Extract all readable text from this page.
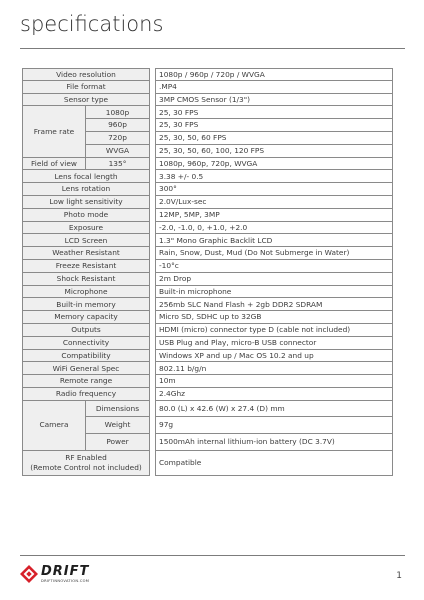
specifications
Video resolution			1080p / 960p / 720p / WVGA
File format			.MP4
Sensor type			3MP CMOS Sensor (1/3")
Frame rate	1080p		25, 30 FPS
	960p		25, 30 FPS
	720p		25, 30, 50, 60 FPS
	WVGA		25, 30, 50, 60, 100, 120 FPS
Field of view	135°		1080p, 960p, 720p, WVGA
Lens focal length			3.38 +/- 0.5
Lens rotation			300°
Low light sensitivity			2.0V/Lux-sec
Photo mode			12MP, 5MP, 3MP
Exposure			-2.0, -1.0, 0, +1.0, +2.0
LCD Screen			1.3" Mono Graphic Backlit LCD
Weather Resistant			Rain, Snow, Dust, Mud (Do Not Submerge in Water)
Freeze Resistant			-10°c
Shock Resistant			2m Drop
Microphone			Built-in microphone
Built-in memory			256mb SLC Nand Flash + 2gb DDR2 SDRAM
Memory capacity			Micro SD, SDHC up to 32GB
Outputs			HDMI (micro) connector type D (cable not included)
Connectivity			USB Plug and Play, micro-B USB connector
Compatibility			Windows XP and up / Mac OS 10.2 and up
WiFi General Spec			802.11 b/g/n
Remote range			10m
Radio frequency			2.4Ghz
Camera	Dimensions		80.0 (L) x 42.6 (W) x 27.4 (D) mm
	Weight		97g
	Power		1500mAh internal lithium-ion battery (DC 3.7V)
RF Enabled
(Remote Control not included)			Compatible
DRIFT
DRIFTINNOVATION.COM	1
